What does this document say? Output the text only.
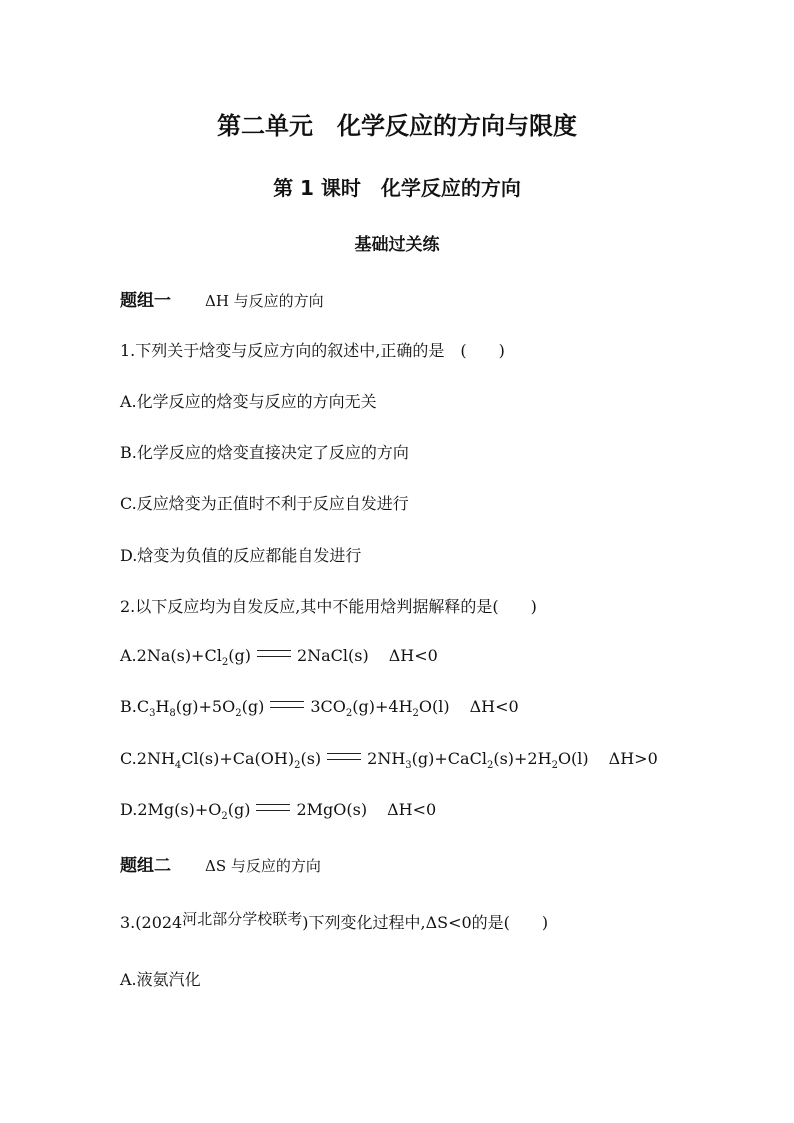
第二单元　化学反应的方向与限度
第 1 课时　化学反应的方向
基础过关练
题组一 ΔH 与反应的方向
1.下列关于焓变与反应方向的叙述中,正确的是　(　　)
A.化学反应的焓变与反应的方向无关
B.化学反应的焓变直接决定了反应的方向
C.反应焓变为正值时不利于反应自发进行
D.焓变为负值的反应都能自发进行
2.以下反应均为自发反应,其中不能用焓判据解释的是(　　)
$A.2Na(s)+Cl_2(g)$	2NaCl(s) ΔH<0
$B.C_3H_8(g)+5O_2(g)$	$3CO_2(g)+4H_2O(l)$ ΔH<0
$C.2NH_4Cl(s)+Ca(OH)_2(s)$	$2NH_3(g)+CaCl_2(s)+2H_2O(l)$ ΔH>0
$D.2Mg(s)+O_2(g)$	2MgO(s) ΔH<0
题组二 ΔS 与反应的方向
3.(2024河北部分学校联考)下列变化过程中,ΔS<0的是(　　)
A.液氨汽化
